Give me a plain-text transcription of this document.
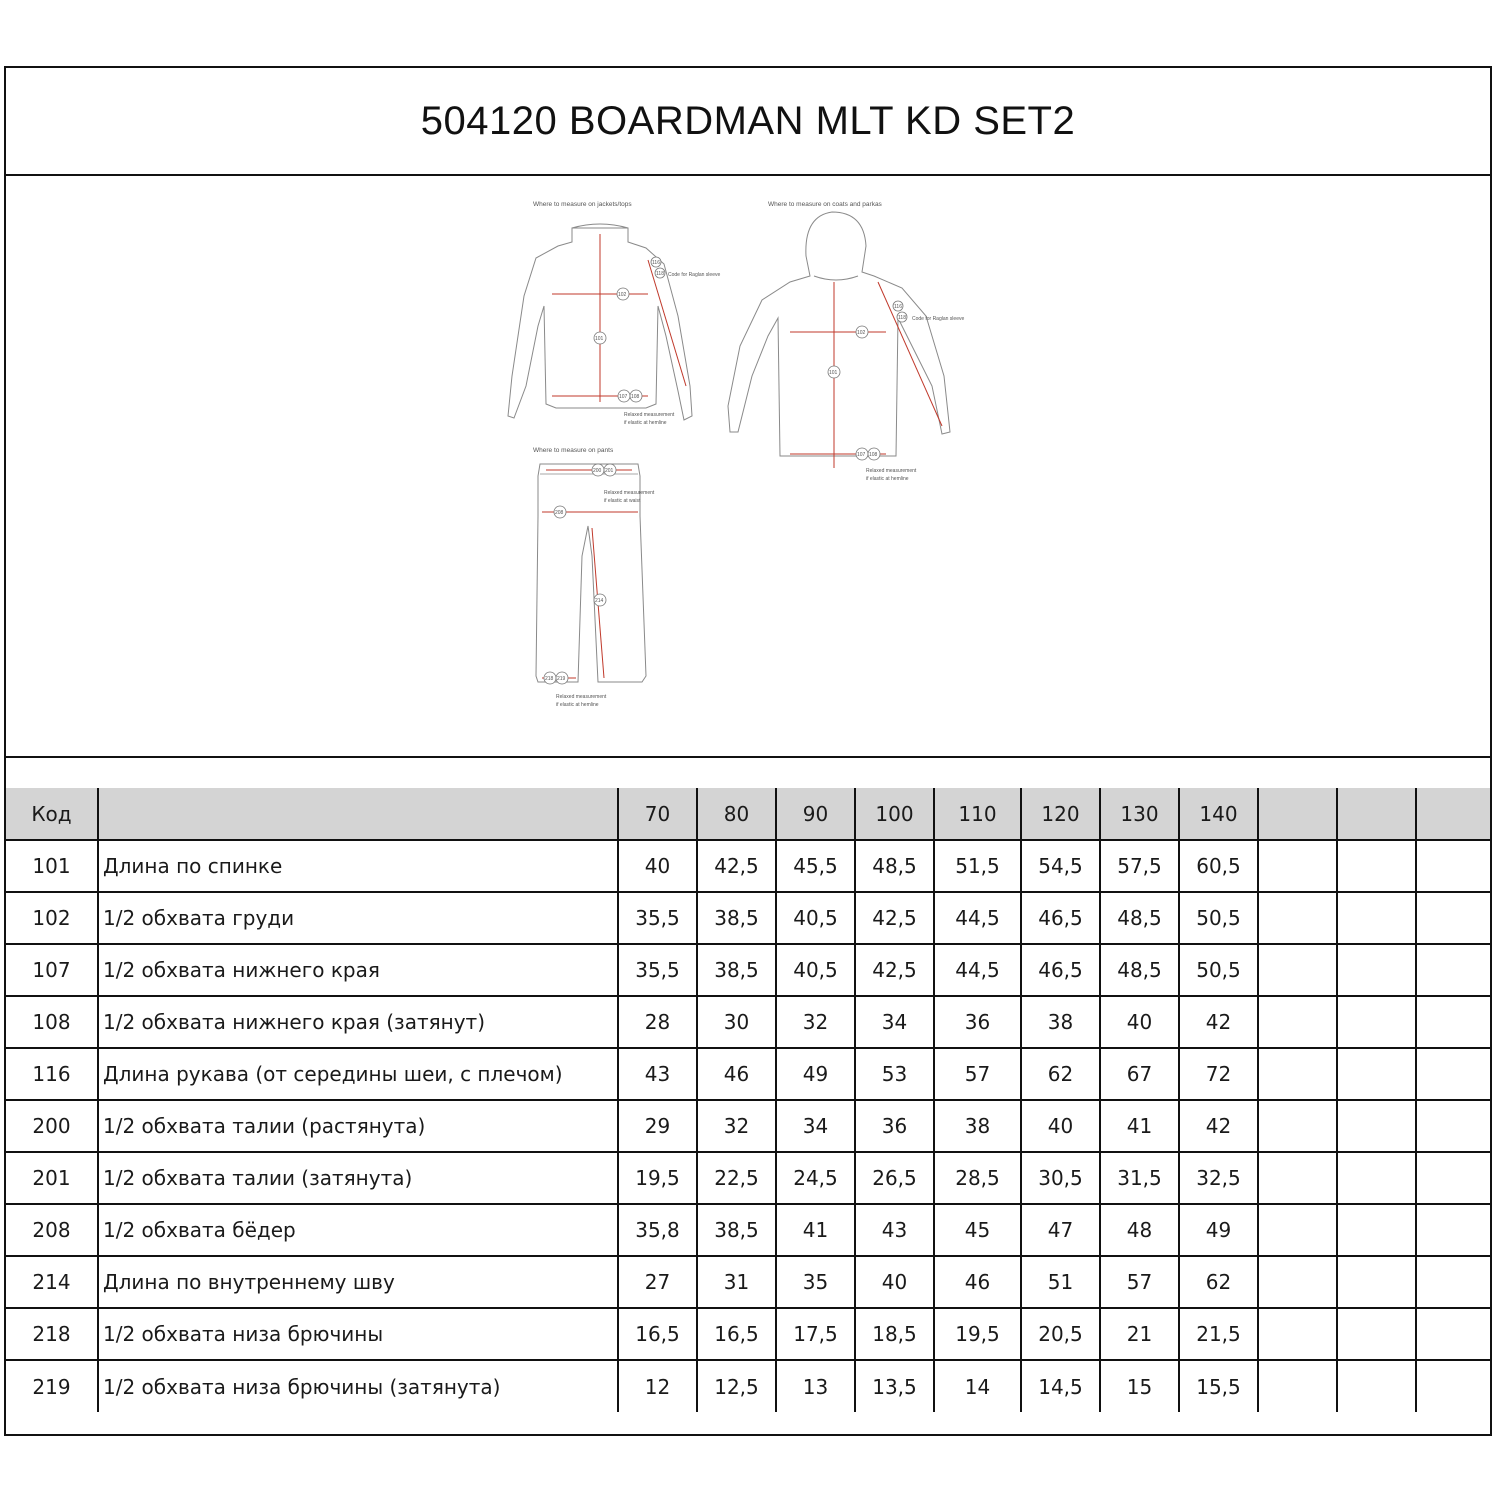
504120 BOARDMAN MLT KD SET2
Where to measure on jackets/tops
102
101
107 108
116
118 Code for Raglan sleeve
Relaxed measurement
if elastic at hemline
Where to measure on coats and parkas
102
101
107 108
116
118 Code for Raglan sleeve
Relaxed measurement
if elastic at hemline
Where to measure on pants
200 201
208
214
218 219
Relaxed measurement
if elastic at waist
Relaxed measurement
if elastic at hemline
Код		70	80	90	100	110	120	130	140			
101	Длина по спинке	40	42,5	45,5	48,5	51,5	54,5	57,5	60,5			
102	1/2 обхвата груди	35,5	38,5	40,5	42,5	44,5	46,5	48,5	50,5			
107	1/2 обхвата нижнего края	35,5	38,5	40,5	42,5	44,5	46,5	48,5	50,5			
108	1/2 обхвата нижнего края (затянут)	28	30	32	34	36	38	40	42			
116	Длина рукава (от середины шеи, с плечом)	43	46	49	53	57	62	67	72			
200	1/2 обхвата талии (растянута)	29	32	34	36	38	40	41	42			
201	1/2 обхвата талии (затянута)	19,5	22,5	24,5	26,5	28,5	30,5	31,5	32,5			
208	1/2 обхвата бёдер	35,8	38,5	41	43	45	47	48	49			
214	Длина по внутреннему шву	27	31	35	40	46	51	57	62			
218	1/2 обхвата низа брючины	16,5	16,5	17,5	18,5	19,5	20,5	21	21,5			
219	1/2 обхвата низа брючины (затянута)	12	12,5	13	13,5	14	14,5	15	15,5			
